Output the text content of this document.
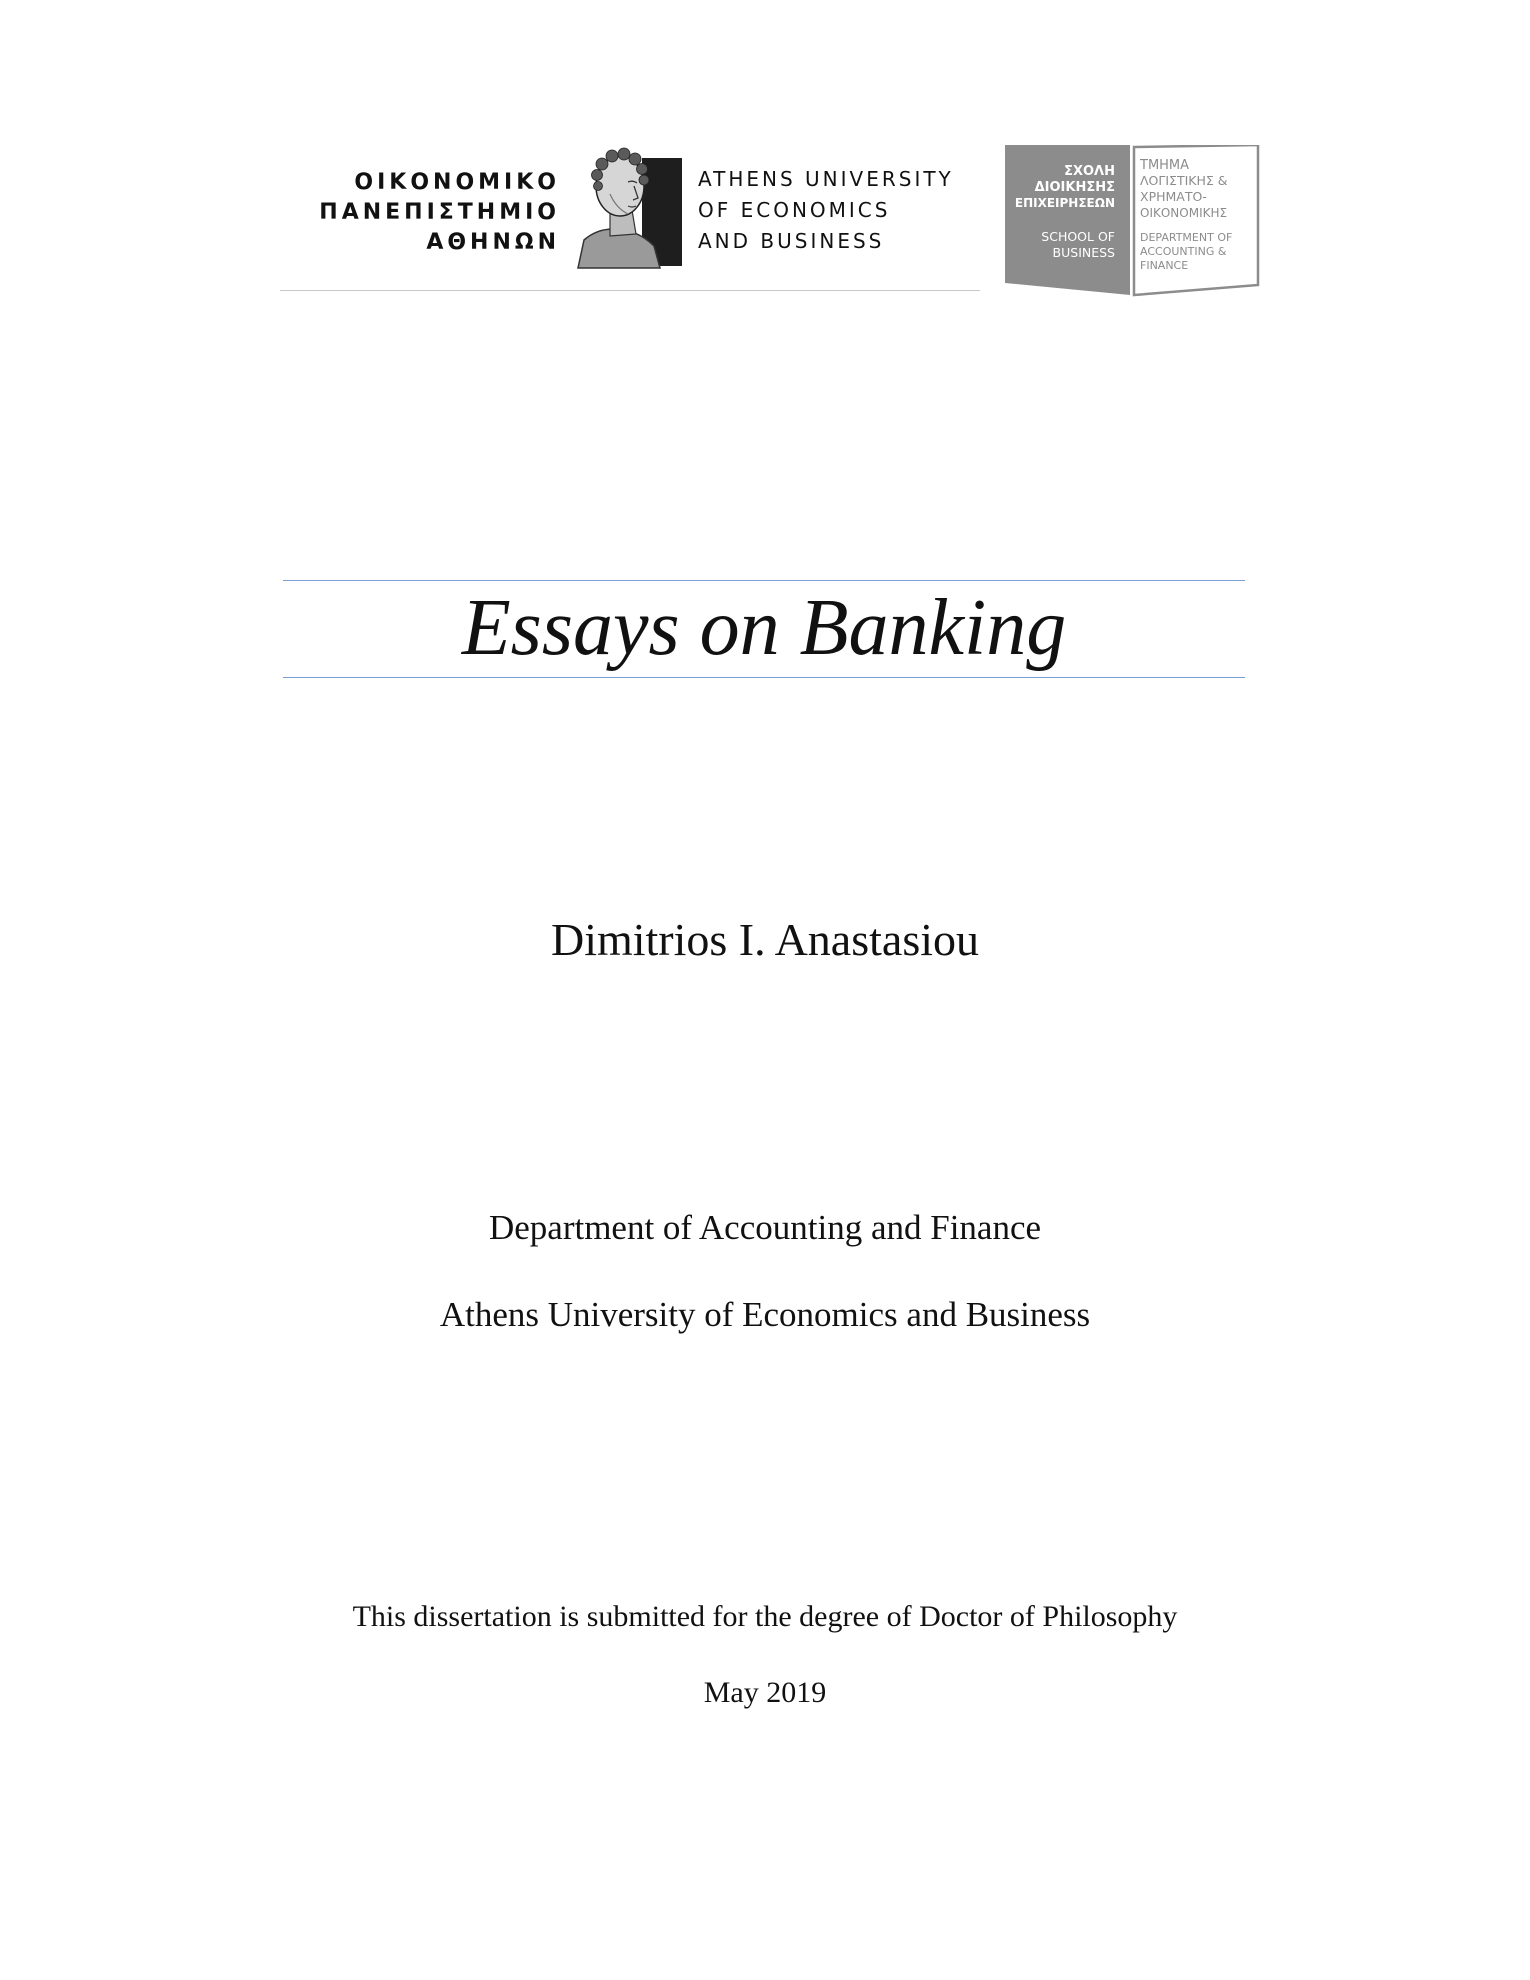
ΟΙΚΟΝΟΜΙΚΟ
ΠΑΝΕΠΙΣΤΗΜΙΟ
ΑΘΗΝΩΝ
ATHENS UNIVERSITY
OF ECONOMICS
AND BUSINESS
ΣΧΟΛΗ
ΔΙΟΙΚΗΣΗΣ
ΕΠΙΧΕΙΡΗΣΕΩΝ
SCHOOL OF
BUSINESS
ΤΜΗΜΑ
ΛΟΓΙΣΤΙΚΗΣ &
ΧΡΗΜΑΤΟ-
ΟΙΚΟΝΟΜΙΚΗΣ
DEPARTMENT OF
ACCOUNTING &
FINANCE
Essays on Banking
Dimitrios I. Anastasiou
Department of Accounting and Finance
Athens University of Economics and Business
This dissertation is submitted for the degree of Doctor of Philosophy
May 2019
